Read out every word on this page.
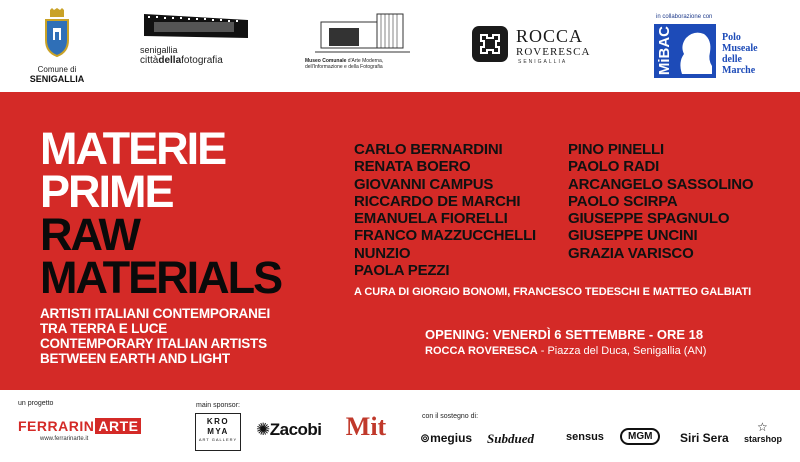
Comune di
SENIGALLIA
senigallia
cittàdellafotografia	Museo Comunale d'Arte Moderna,
dell'Informazione e della Fotografia
ROCCA
ROVERESCA
SENIGALLIA
in collaborazione con
MiBAC	Polo
Museale
delle
Marche
MATERIE
PRIME
RAW
MATERIALS
ARTISTI ITALIANI CONTEMPORANEI
TRA TERRA E LUCE
CONTEMPORARY ITALIAN ARTISTS
BETWEEN EARTH AND LIGHT
CARLO BERNARDINI
RENATA BOERO
GIOVANNI CAMPUS
RICCARDO DE MARCHI
EMANUELA FIORELLI
FRANCO MAZZUCCHELLI
NUNZIO
PAOLA PEZZI
PINO PINELLI
PAOLO RADI
ARCANGELO SASSOLINO
PAOLO SCIRPA
GIUSEPPE SPAGNULO
GIUSEPPE UNCINI
GRAZIA VARISCO
A CURA DI GIORGIO BONOMI, FRANCESCO TEDESCHI E MATTEO GALBIATI
OPENING: VENERDÌ 6 SETTEMBRE - ORE 18
ROCCA ROVERESCA - Piazza del Duca, Senigallia (AN)
un progetto
FERRARIN ARTE
www.ferrarinarte.it
main sponsor:
KRO
MYA
ART GALLERY
✺Zacobi Mit	con il sostegno di:
⊚megius Subdued	sensus	MGM	Siri Sera
☆
starshop
